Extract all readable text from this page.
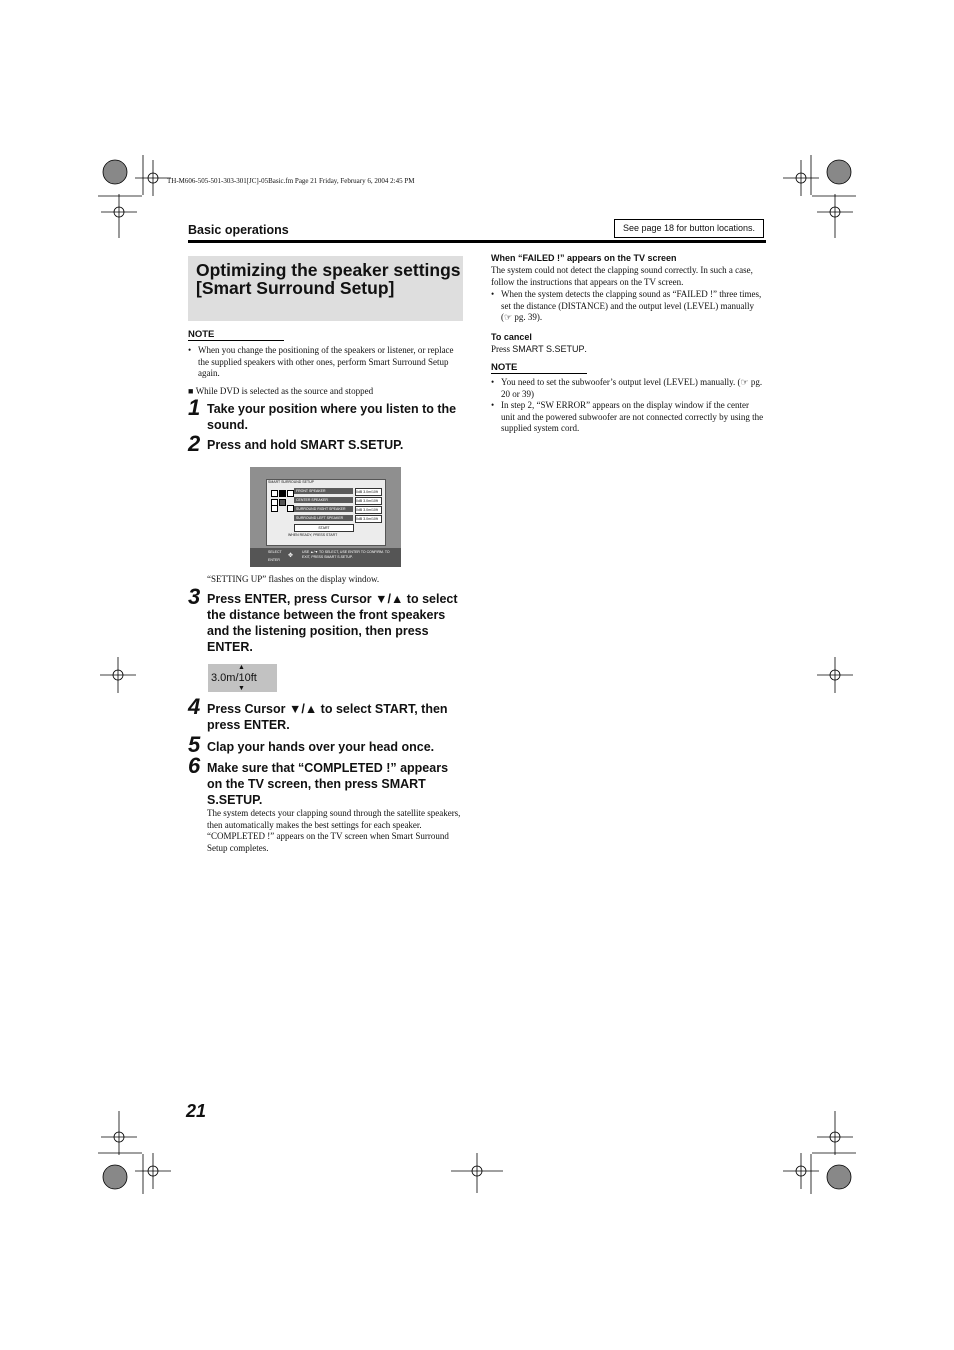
TH-M606-505-501-303-301[JC]-05Basic.fm Page 21 Friday, February 6, 2004 2:45 PM
Basic operations	See page 18 for button locations.
Optimizing the speaker settings [Smart Surround Setup]
NOTE
• When you change the positioning of the speakers or listener, or replace the supplied speakers with other ones, perform Smart Surround Setup again.
■ While DVD is selected as the source and stopped
1 Take your position where you listen to the sound.
2 Press and hold SMART S.SETUP.
SMART SURROUND SETUP
FRONT SPEAKER	0dB 3.0m/10ft
CENTER SPEAKER	0dB 3.0m/10ft
SURROUND RIGHT SPEAKER	0dB 3.0m/10ft
SURROUND LEFT SPEAKER	0dB 3.0m/10ft
START
WHEN READY, PRESS START
SELECT
ENTER
✥
USE ▲/▼ TO SELECT, USE ENTER TO CONFIRM. TO EXIT, PRESS SMART S.SETUP.
“SETTING UP” flashes on the display window.
3 Press ENTER, press Cursor ▼/▲ to select the distance between the front speakers and the listening position, then press ENTER.
▲
3.0m/10ft
▼
4 Press Cursor ▼/▲ to select START, then press ENTER.
5 Clap your hands over your head once.
6 Make sure that “COMPLETED !” appears on the TV screen, then press SMART S.SETUP.
The system detects your clapping sound through the satellite speakers, then automatically makes the best settings for each speaker. “COMPLETED !” appears on the TV screen when Smart Surround Setup completes.
When “FAILED !” appears on the TV screen
The system could not detect the clapping sound correctly. In such a case, follow the instructions that appears on the TV screen.
• When the system detects the clapping sound as “FAILED !” three times, set the distance (DISTANCE) and the output level (LEVEL) manually (☞ pg. 39).
To cancel
Press SMART S.SETUP.
NOTE
• You need to set the subwoofer’s output level (LEVEL) manually. (☞ pg. 20 or 39)
• In step 2, “SW ERROR” appears on the display window if the center unit and the powered subwoofer are not connected correctly by using the supplied system cord.
21
